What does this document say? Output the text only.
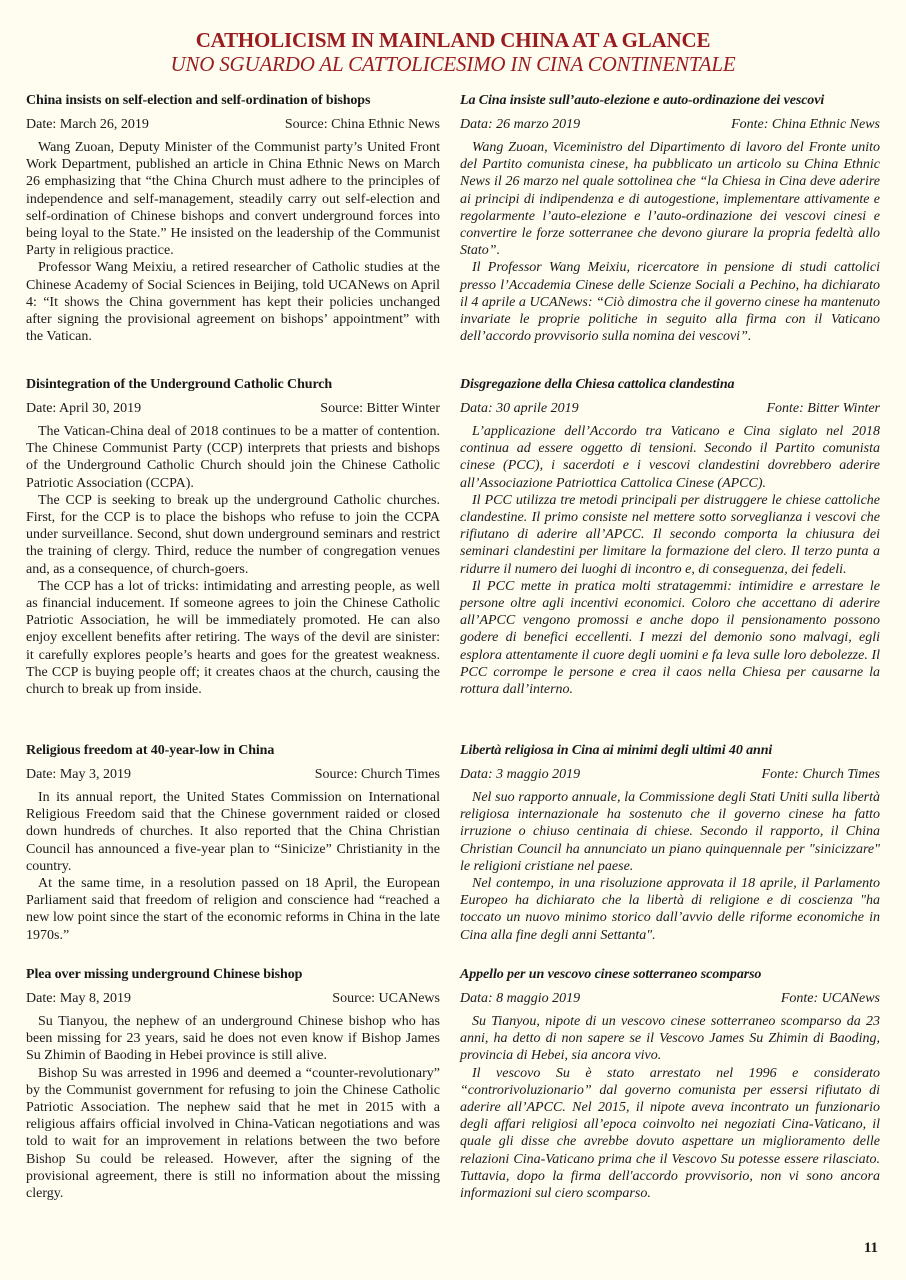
CATHOLICISM IN MAINLAND CHINA AT A GLANCE
UNO SGUARDO AL CATTOLICESIMO IN CINA CONTINENTALE
China insists on self-election and self-ordination of bishops
Date: March 26, 2019	Source: China Ethnic News

Wang Zuoan, Deputy Minister of the Communist party’s United Front Work Department, published an article in China Ethnic News on March 26 emphasizing that “the China Church must adhere to the principles of independence and self-management, steadily carry out self-election and self-ordination of Chinese bishops and convert underground forces into being loyal to the State.” He insisted on the leadership of the Communist Party in religious practice.

Professor Wang Meixiu, a retired researcher of Catholic studies at the Chinese Academy of Social Sciences in Beijing, told UCANews on April 4: “It shows the China government has kept their policies unchanged after signing the provisional agreement on bishops’ appointment” with the Vatican.

Disintegration of the Underground Catholic Church
Date: April 30, 2019	Source: Bitter Winter

The Vatican-China deal of 2018 continues to be a matter of contention. The Chinese Communist Party (CCP) interprets that priests and bishops of the Underground Catholic Church should join the Chinese Catholic Patriotic Association (CCPA).

The CCP is seeking to break up the underground Catholic churches. First, for the CCP is to place the bishops who refuse to join the CCPA under surveillance. Second, shut down underground seminars and restrict the training of clergy. Third, reduce the number of congregation venues and, as a consequence, of church-goers.

The CCP has a lot of tricks: intimidating and arresting people, as well as financial inducement. If someone agrees to join the Chinese Catholic Patriotic Association, he will be immediately promoted. He can also enjoy excellent benefits after retiring. The ways of the devil are sinister: it carefully explores people’s hearts and goes for the greatest weakness. The CCP is buying people off; it creates chaos at the church, causing the church to break up from inside.

Religious freedom at 40-year-low in China
Date: May 3, 2019	Source: Church Times

In its annual report, the United States Commission on International Religious Freedom said that the Chinese government raided or closed down hundreds of churches. It also reported that the China Christian Council has announced a five-year plan to “Sinicize” Christianity in the country.

At the same time, in a resolution passed on 18 April, the European Parliament said that freedom of religion and conscience had “reached a new low point since the start of the economic reforms in China in the late 1970s.”

Plea over missing underground Chinese bishop
Date: May 8, 2019	Source: UCANews

Su Tianyou, the nephew of an underground Chinese bishop who has been missing for 23 years, said he does not even know if Bishop James Su Zhimin of Baoding in Hebei province is still alive.

Bishop Su was arrested in 1996 and deemed a “counter-revolutionary” by the Communist government for refusing to join the Chinese Catholic Patriotic Association. The nephew said that he met in 2015 with a religious affairs official involved in China-Vatican negotiations and was told to wait for an improvement in relations between the two before Bishop Su could be released. However, after the signing of the provisional agreement, there is still no information about the missing clergy.

La Cina insiste sull’auto-elezione e auto-ordinazione dei vescovi
Data: 26 marzo 2019	Fonte: China Ethnic News

Wang Zuoan, Viceministro del Dipartimento di lavoro del Fronte unito del Partito comunista cinese, ha pubblicato un articolo su China Ethnic News il 26 marzo nel quale sottolinea che “la Chiesa in Cina deve aderire ai principi di indipendenza e di autogestione, implementare attivamente e regolarmente l’auto-elezione e l’auto-ordinazione dei vescovi cinesi e convertire le forze sotterranee che devono giurare la propria fedeltà allo Stato”.

Il Professor Wang Meixiu, ricercatore in pensione di studi cattolici presso l’Accademia Cinese delle Scienze Sociali a Pechino, ha dichiarato il 4 aprile a UCANews: “Ciò dimostra che il governo cinese ha mantenuto invariate le proprie politiche in seguito alla firma con il Vaticano dell’accordo provvisorio sulla nomina dei vescovi”.

Disgregazione della Chiesa cattolica clandestina
Data: 30 aprile 2019	Fonte: Bitter Winter

L’applicazione dell’Accordo tra Vaticano e Cina siglato nel 2018 continua ad essere oggetto di tensioni. Secondo il Partito comunista cinese (PCC), i sacerdoti e i vescovi clandestini dovrebbero aderire all’Associazione Patriottica Cattolica Cinese (APCC).

Il PCC utilizza tre metodi principali per distruggere le chiese cattoliche clandestine. Il primo consiste nel mettere sotto sorveglianza i vescovi che rifiutano di aderire all’APCC. Il secondo comporta la chiusura dei seminari clandestini per limitare la formazione del clero. Il terzo punta a ridurre il numero dei luoghi di incontro e, di conseguenza, dei fedeli.

Il PCC mette in pratica molti stratagemmi: intimidire e arrestare le persone oltre agli incentivi economici. Coloro che accettano di aderire all’APCC vengono promossi e anche dopo il pensionamento possono godere di benefici eccellenti. I mezzi del demonio sono malvagi, egli esplora attentamente il cuore degli uomini e fa leva sulle loro debolezze. Il PCC corrompe le persone e crea il caos nella Chiesa per causarne la rottura dall’interno.

Libertà religiosa in Cina ai minimi degli ultimi 40 anni
Data: 3 maggio 2019	Fonte: Church Times

Nel suo rapporto annuale, la Commissione degli Stati Uniti sulla libertà religiosa internazionale ha sostenuto che il governo cinese ha fatto irruzione o chiuso centinaia di chiese. Secondo il rapporto, il China Christian Council ha annunciato un piano quinquennale per "sinicizzare" le religioni cristiane nel paese.

Nel contempo, in una risoluzione approvata il 18 aprile, il Parlamento Europeo ha dichiarato che la libertà di religione e di coscienza "ha toccato un nuovo minimo storico dall’avvio delle riforme economiche in Cina alla fine degli anni Settanta".

Appello per un vescovo cinese sotterraneo scomparso
Data: 8 maggio 2019	Fonte: UCANews

Su Tianyou, nipote di un vescovo cinese sotterraneo scomparso da 23 anni, ha detto di non sapere se il Vescovo James Su Zhimin di Baoding, provincia di Hebei, sia ancora vivo.

Il vescovo Su è stato arrestato nel 1996 e considerato “controrivoluzionario” dal governo comunista per essersi rifiutato di aderire all’APCC. Nel 2015, il nipote aveva incontrato un funzionario degli affari religiosi all’epoca coinvolto nei negoziati Cina-Vaticano, il quale gli disse che avrebbe dovuto aspettare un miglioramento delle relazioni Cina-Vaticano prima che il Vescovo Su potesse essere rilasciato. Tuttavia, dopo la firma dell'accordo provvisorio, non vi sono ancora informazioni sul ciero scomparso.

11
